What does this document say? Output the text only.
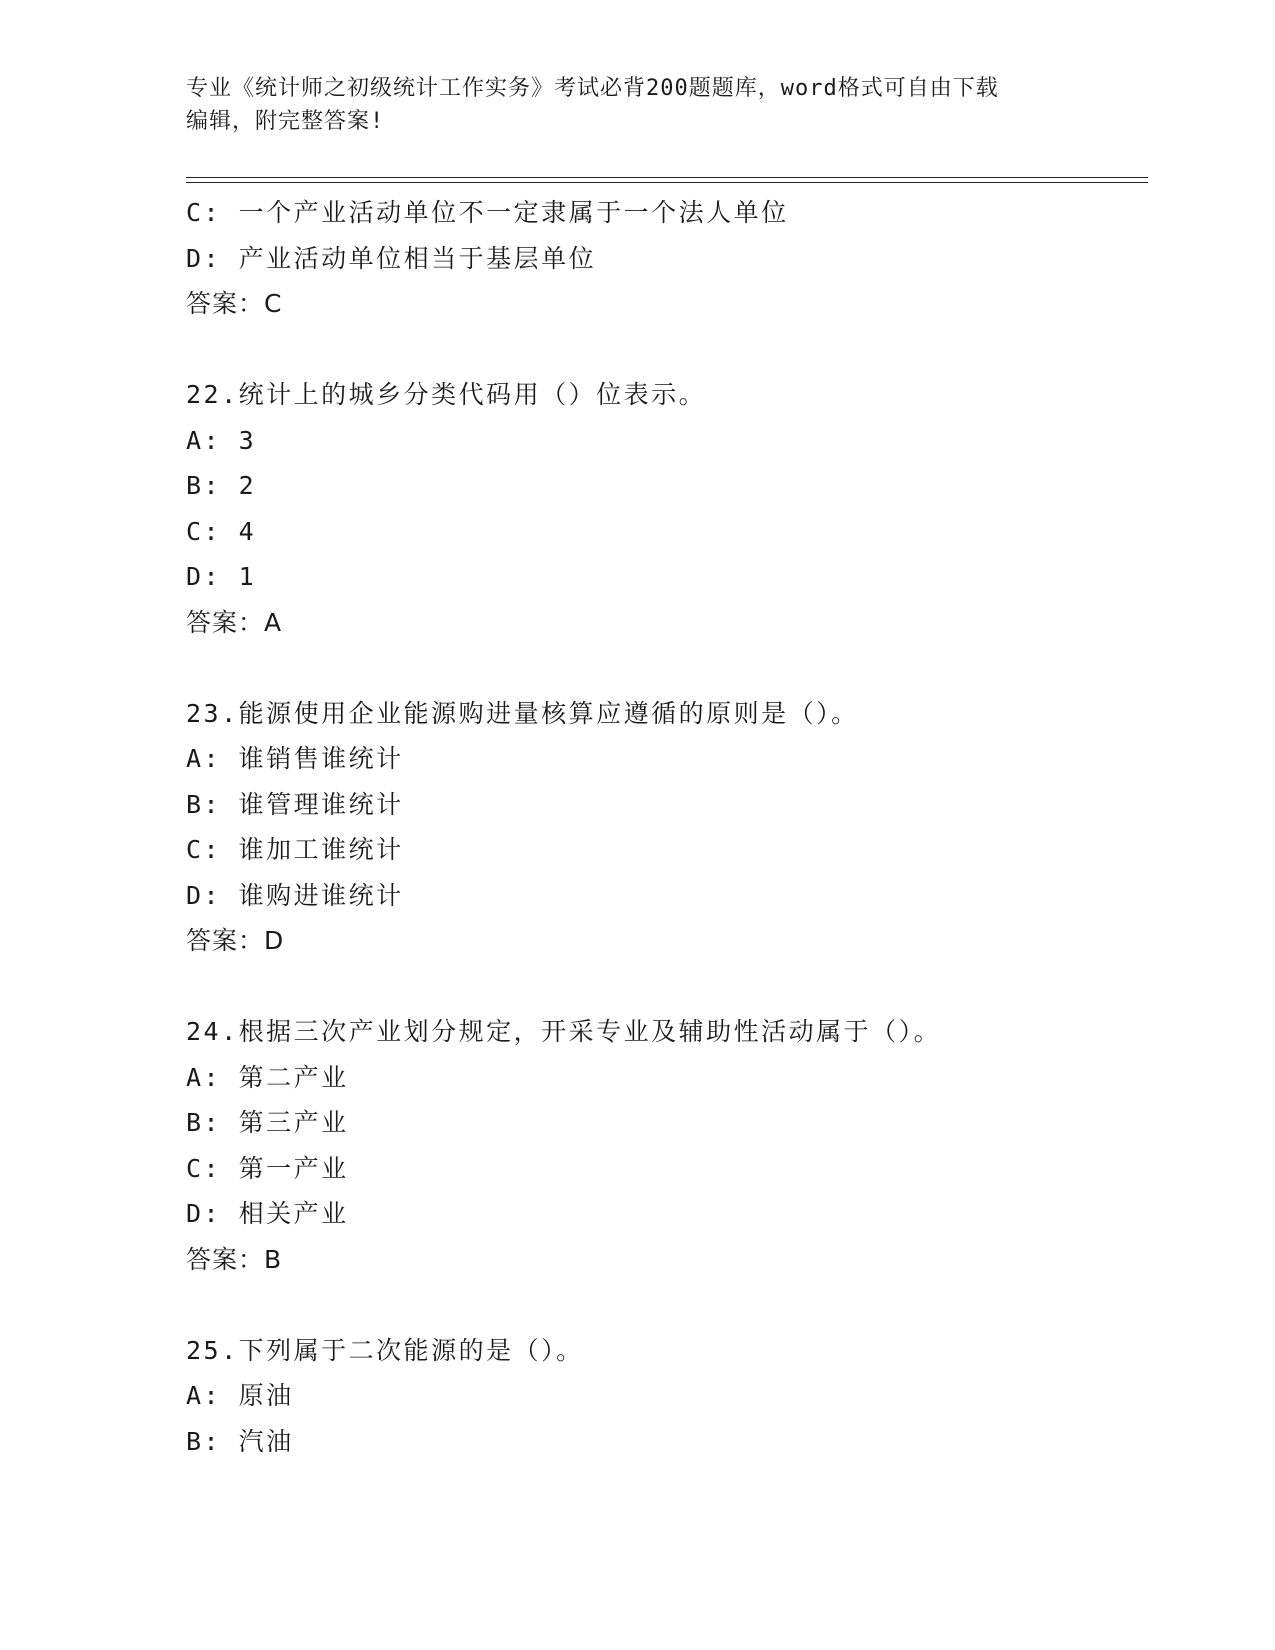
专业《统计师之初级统计工作实务》考试必背200题题库，word格式可自由下载
编辑，附完整答案!
C: 一个产业活动单位不一定隶属于一个法人单位
D: 产业活动单位相当于基层单位
答案：C
22.统计上的城乡分类代码用（）位表示。
A: 3
B: 2
C: 4
D: 1
答案：A
23.能源使用企业能源购进量核算应遵循的原则是（）。
A: 谁销售谁统计
B: 谁管理谁统计
C: 谁加工谁统计
D: 谁购进谁统计
答案：D
24.根据三次产业划分规定，开采专业及辅助性活动属于（）。
A: 第二产业
B: 第三产业
C: 第一产业
D: 相关产业
答案：B
25.下列属于二次能源的是（）。
A: 原油
B: 汽油
